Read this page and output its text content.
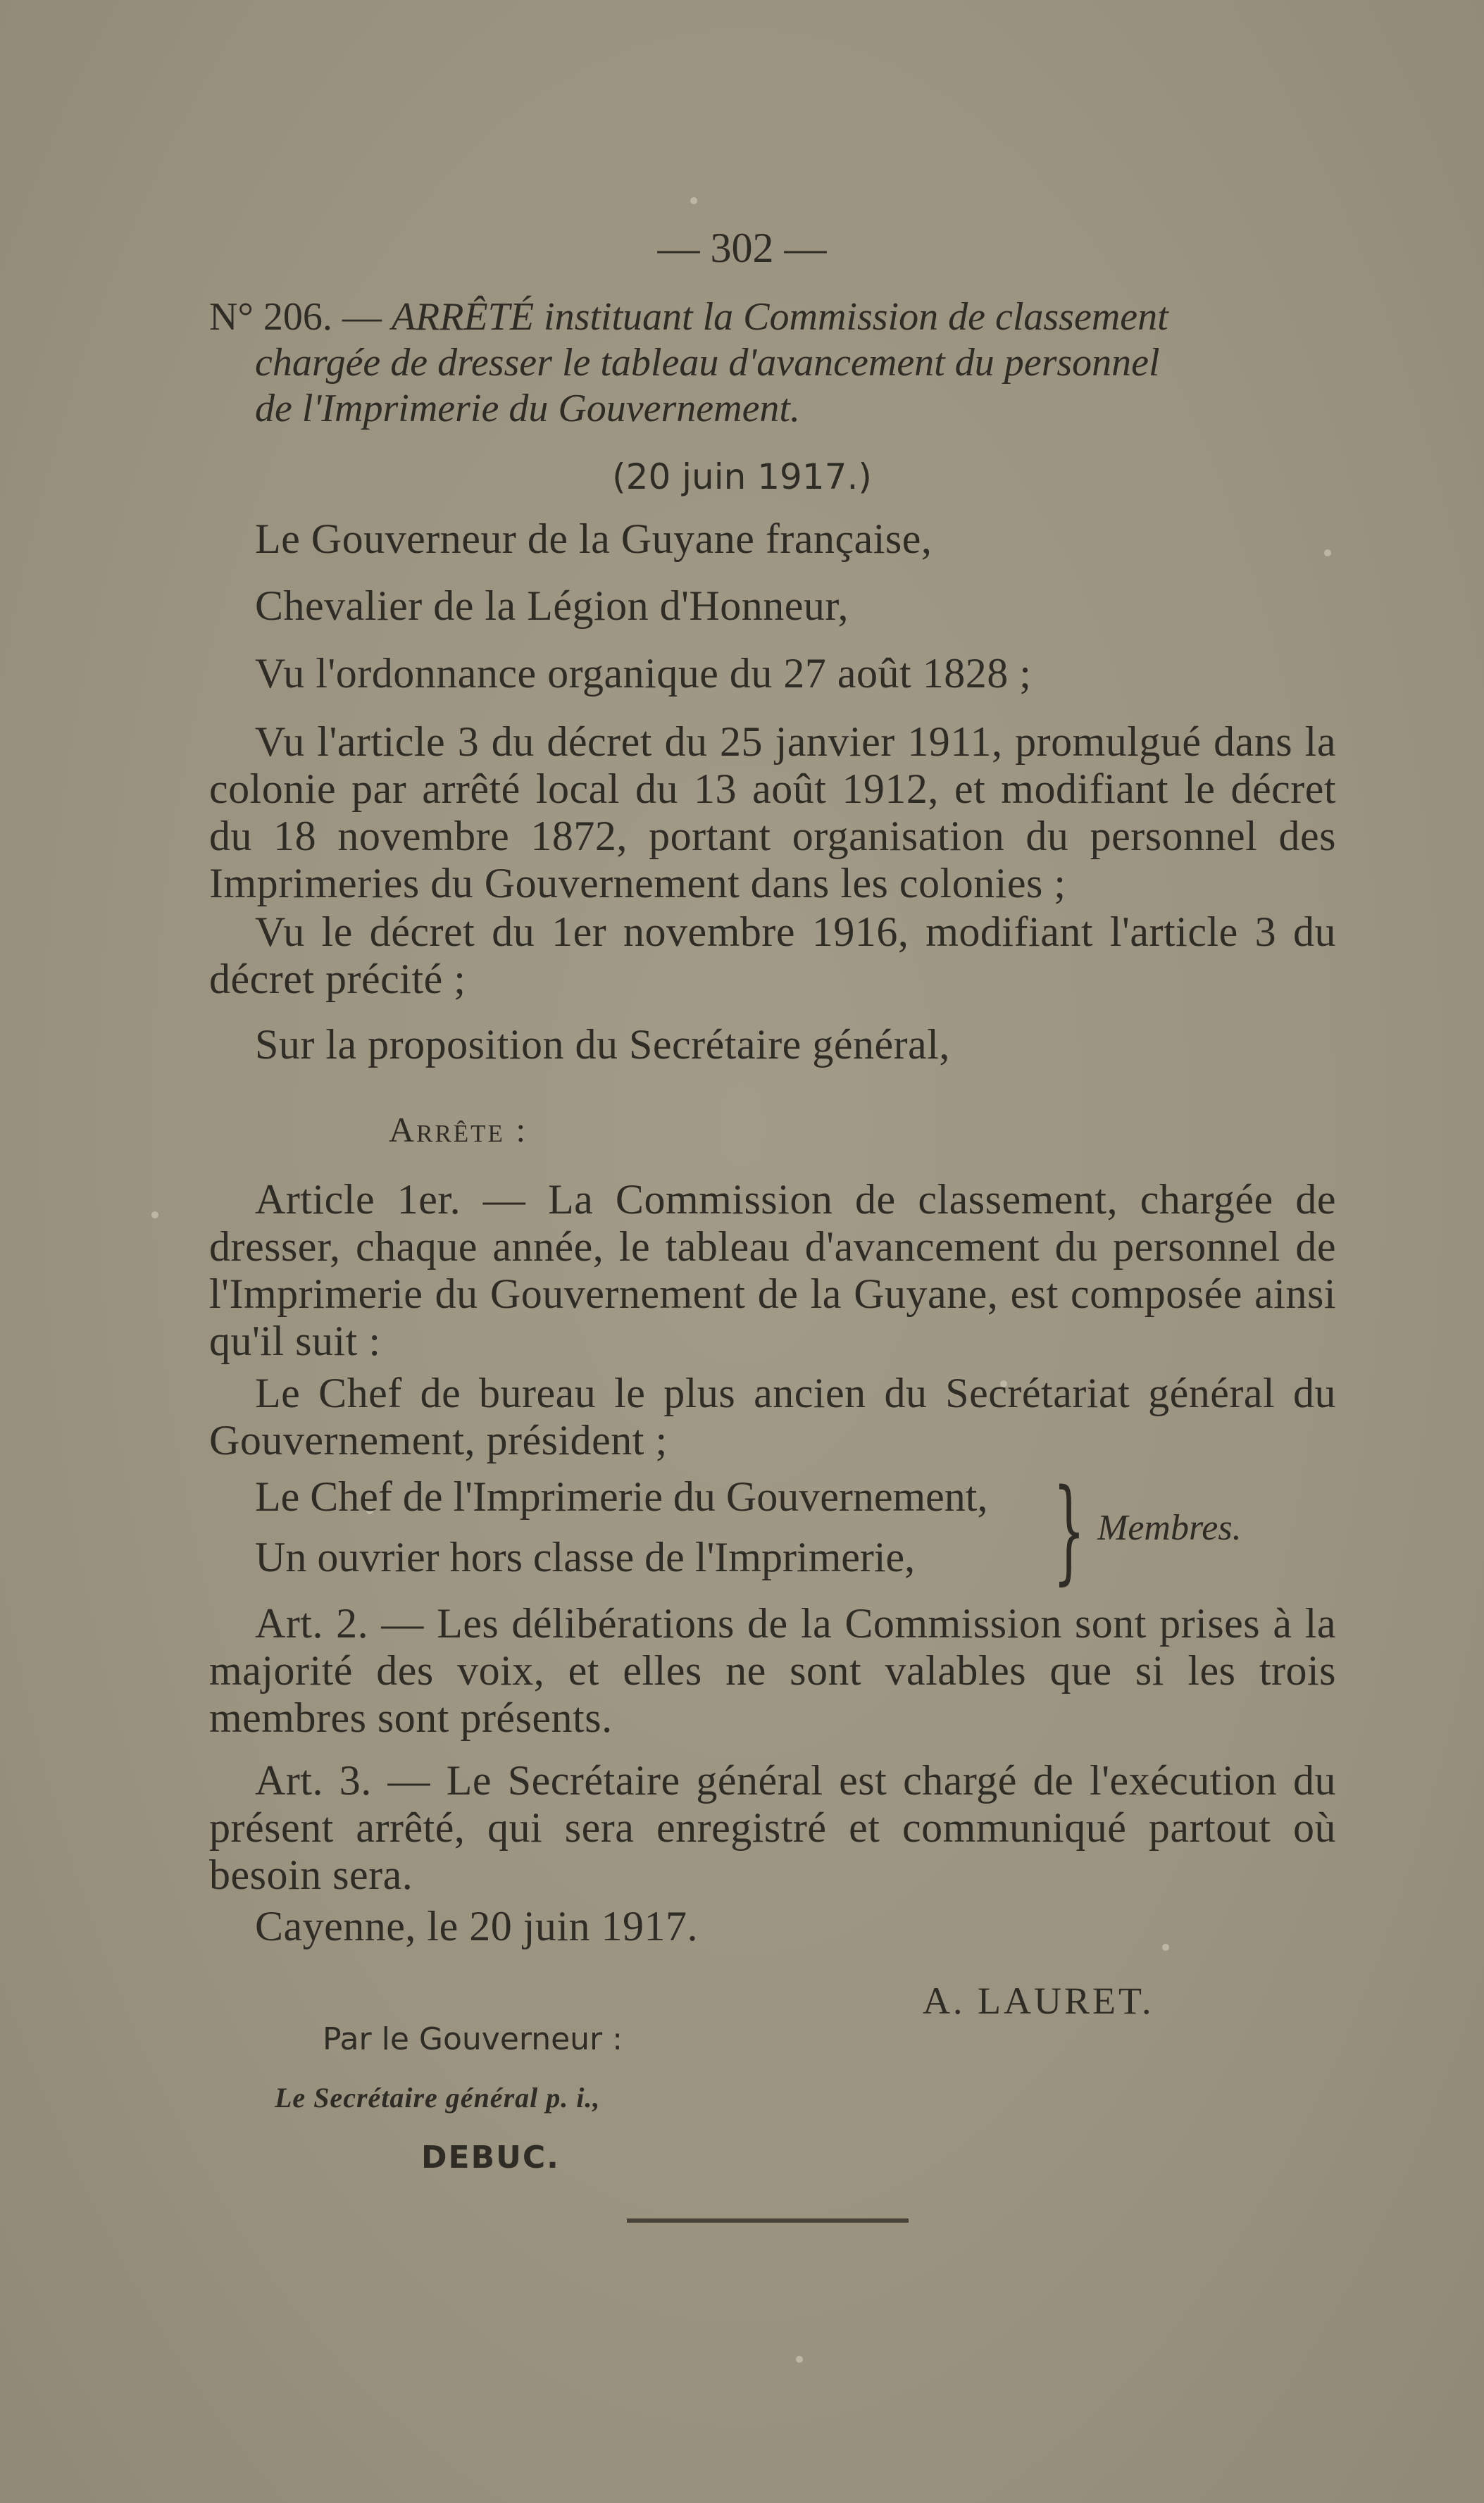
— 302 —
N° 206. — ARRÊTÉ instituant la Commission de classement
chargée de dresser le tableau d'avancement du personnel
de l'Imprimerie du Gouvernement.
(20 juin 1917.)
Le Gouverneur de la Guyane française,
Chevalier de la Légion d'Honneur,
Vu l'ordonnance organique du 27 août 1828 ;
Vu l'article 3 du décret du 25 janvier 1911, promulgué dans la colonie par arrêté local du 13 août 1912, et modifiant le décret du 18 novembre 1872, portant organisation du personnel des Imprimeries du Gouvernement dans les colonies ;
Vu le décret du 1er novembre 1916, modifiant l'article 3 du décret précité ;
Sur la proposition du Secrétaire général,
Arrête :
Article 1er. — La Commission de classement, chargée de dresser, chaque année, le tableau d'avancement du personnel de l'Imprimerie du Gouvernement de la Guyane, est composée ainsi qu'il suit :
Le Chef de bureau le plus ancien du Secrétariat général du Gouvernement, président ;
Le Chef de l'Imprimerie du Gouvernement,
Un ouvrier hors classe de l'Imprimerie,	} Membres.
Art. 2. — Les délibérations de la Commission sont prises à la majorité des voix, et elles ne sont valables que si les trois membres sont présents.
Art. 3. — Le Secrétaire général est chargé de l'exécution du présent arrêté, qui sera enregistré et communiqué partout où besoin sera.
Cayenne, le 20 juin 1917.
A. LAURET.
Par le Gouverneur :
Le Secrétaire général p. i.,
DEBUC.
